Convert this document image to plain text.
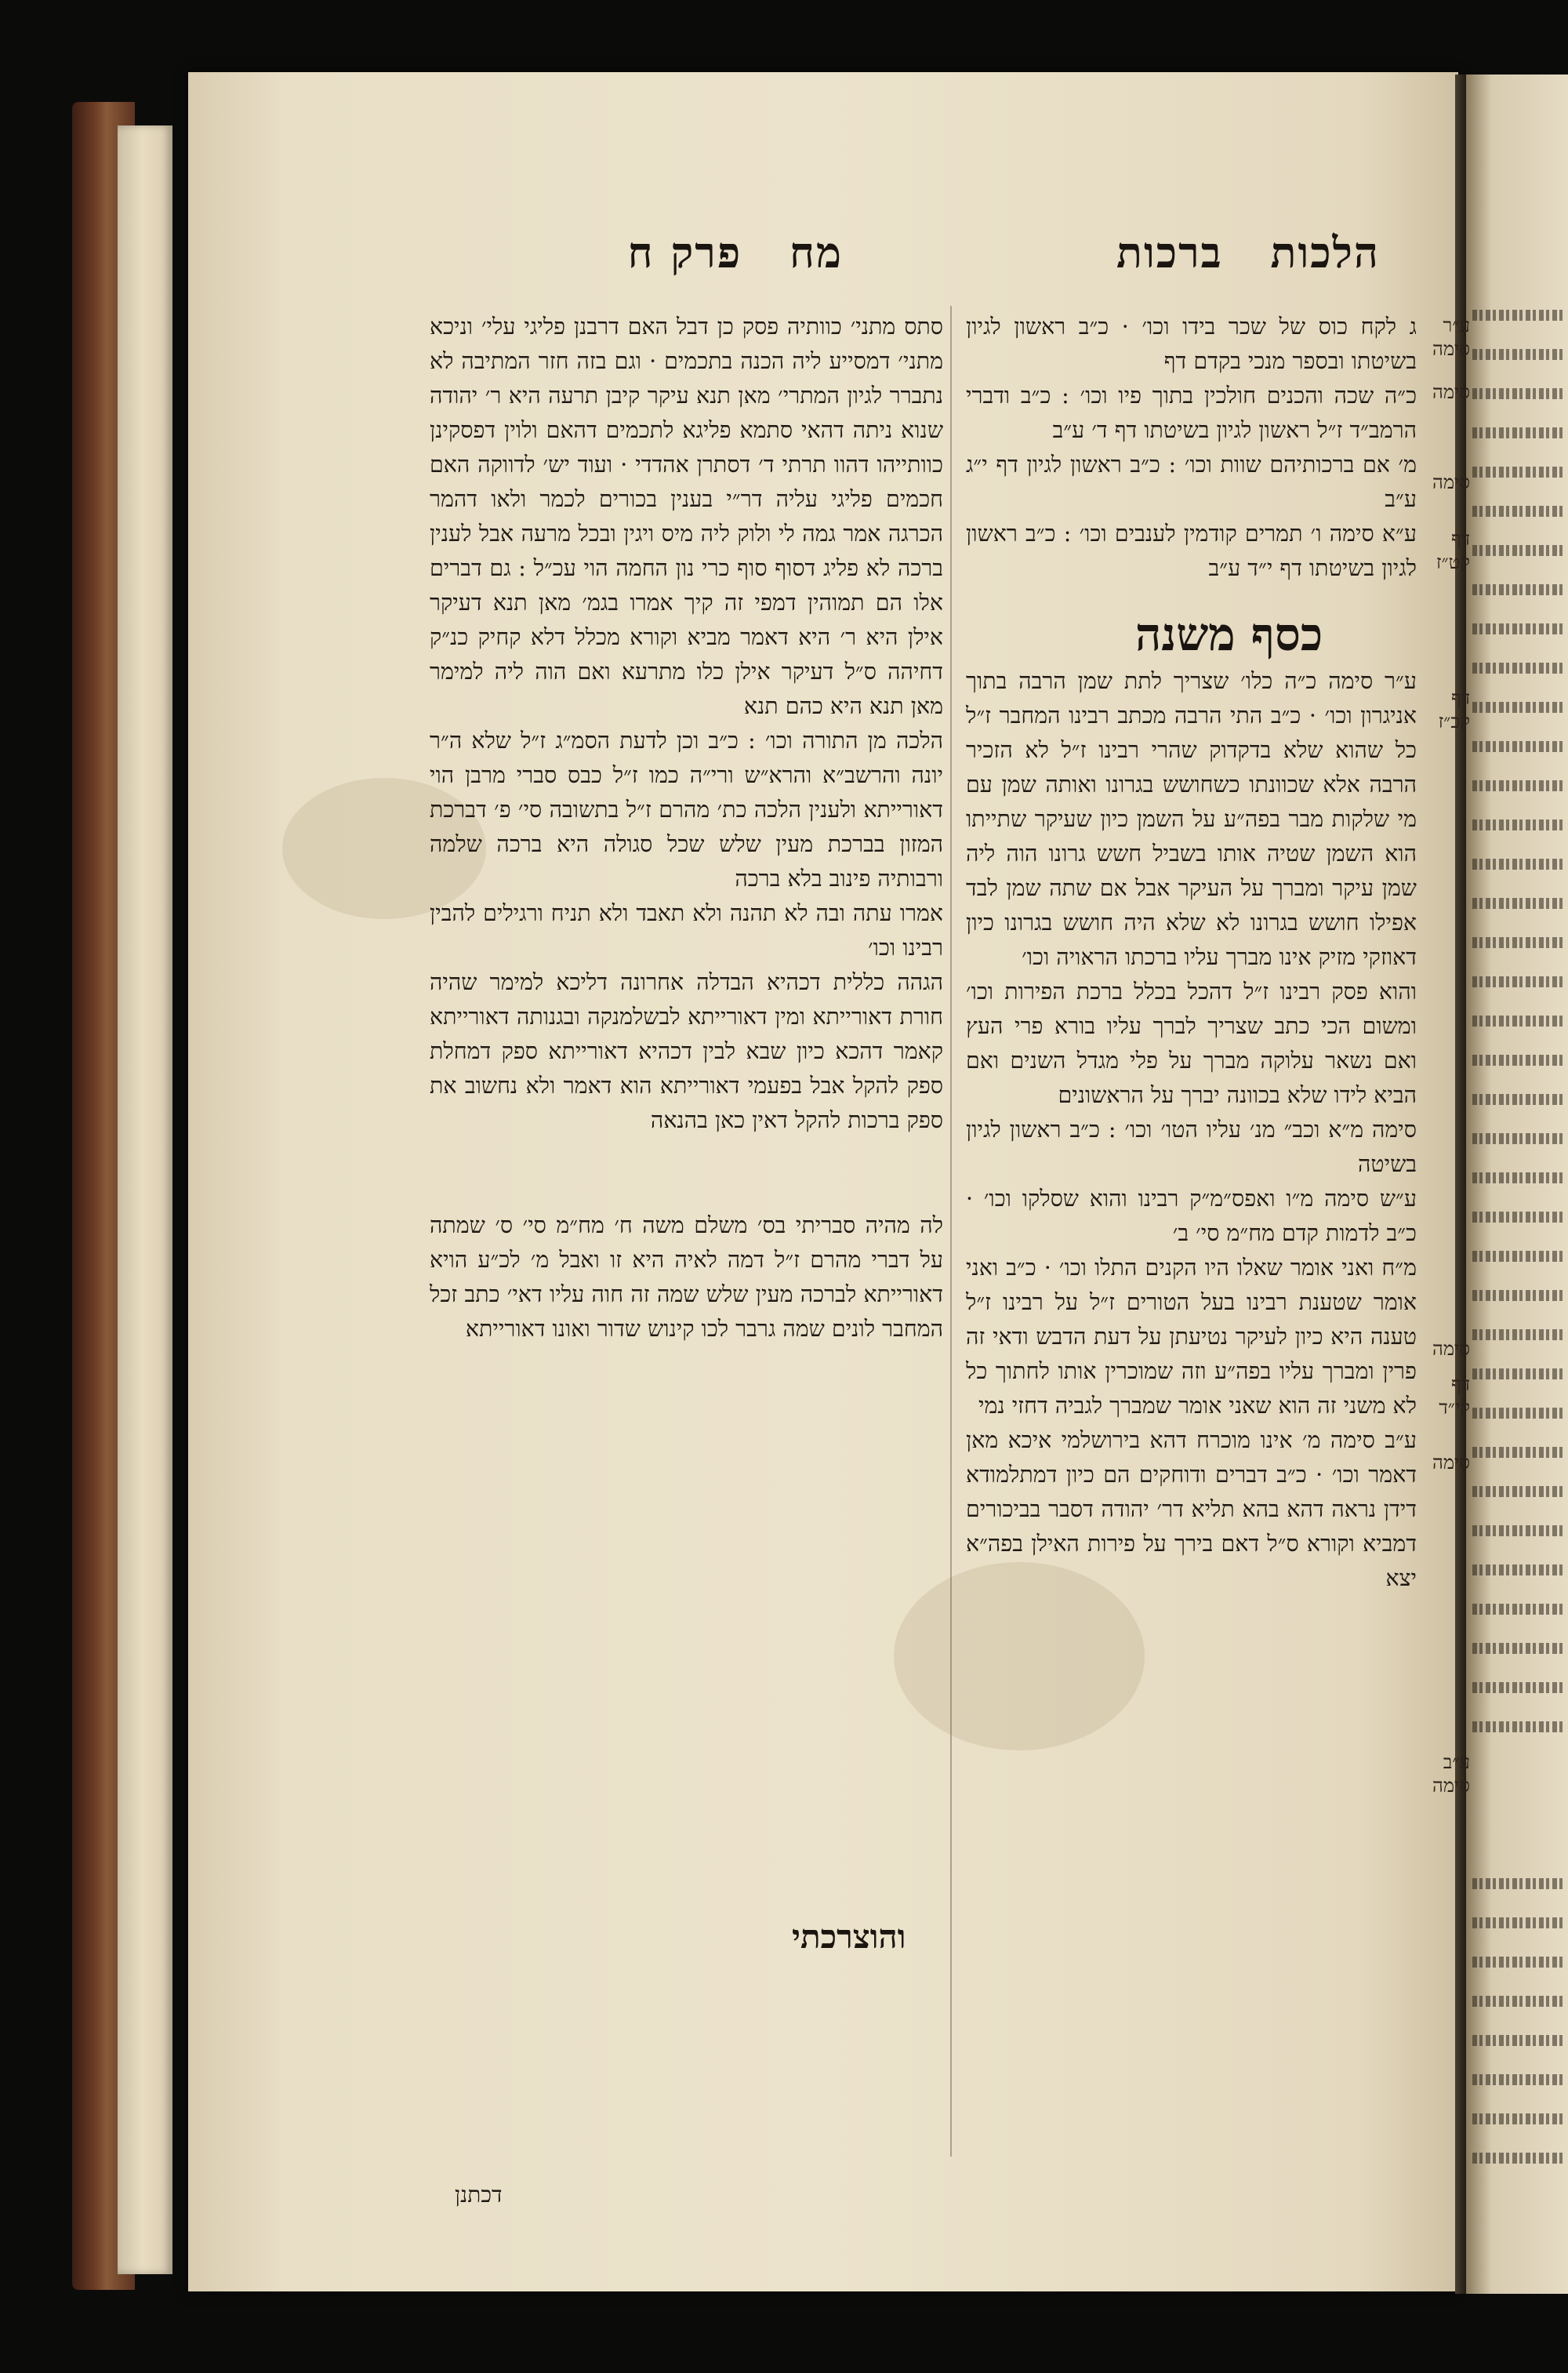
מח פרק ח	הלכות ברכות
ע״ר סימה
סימה
סימה
דף קט״ז
דף קכ״ז
סימה
דף קי״ד
סימה
ע״ב סימה

ג לקח כוס של שכר בידו וכו׳ · כ״ב ראשון לגיון בשיטתו ובספר מנכי בקדם דף

כ״ה שכה והכנים חולכין בתוך פיו וכו׳ : כ״ב ודברי הרמב״ד ז״ל ראשון לגיון בשיטתו דף ד׳ ע״ב

מ׳ אם ברכותיהם שוות וכו׳ : כ״ב ראשון לגיון דף י״ג ע״ב

ע״א סימה ו׳ תמרים קודמין לענבים וכו׳ : כ״ב ראשון לגיון בשיטתו דף י״ד ע״ב

ע״ר סימה כ״ה כלו׳ שצריך לתת שמן הרבה בתוך אניגרון וכו׳ · כ״ב התי הרבה מכתב רבינו המחבר ז״ל כל שהוא שלא בדקדוק שהרי רבינו ז״ל לא הזכיר הרבה אלא שכוונתו כשחושש בגרונו ואותה שמן עם מי שלקות מבר בפה״ע על השמן כיון שעיקר שתייתו הוא השמן שטיה אותו בשביל חשש גרונו הוה ליה שמן עיקר ומברך על העיקר אבל אם שתה שמן לבד אפילו חושש בגרונו לא שלא היה חושש בגרונו כיון דאוזקי מזיק אינו מברך עליו ברכתו הראויה וכו׳

והוא פסק רבינו ז״ל דהכל בכלל ברכת הפירות וכו׳ ומשום הכי כתב שצריך לברך עליו בורא פרי העץ ואם נשאר עלוקה מברך על פלי מגדל השנים ואם הביא לידו שלא בכוונה יברך על הראשונים

סימה מ״א וכב״ מנ׳ עליו הטו׳ וכו׳ : כ״ב ראשון לגיון בשיטה

ע״ש סימה מ״ו ואפס״מ״ק רבינו והוא שסלקו וכו׳ · כ״ב לדמות קדם מח״מ סי׳ ב׳

מ״ח ואני אומר שאלו היו הקנים התלו וכו׳ · כ״ב ואני אומר שטענת רבינו בעל הטורים ז״ל על רבינו ז״ל טענה היא כיון לעיקר נטיעתן על דעת הדבש ודאי זה פרין ומברך עליו בפה״ע וזה שמוכרין אותו לחתוך כל לא משני זה הוא שאני אומר שמברך לגביה דחזי נמי

ע״ב סימה מ׳ אינו מוכרח דהא בירושלמי איכא מאן דאמר וכו׳ · כ״ב דברים ודוחקים הם כיון דמתלמודא דידן נראה דהא בהא תליא דר׳ יהודה דסבר בביכורים דמביא וקורא ס״ל דאם בירך על פירות האילן בפה״א יצא

כסף משנה

סתס מתני׳ כוותיה פסק כן דבל האם דרבנן פליגי עלי׳ וניכא מתני׳ דמסייע ליה הכנה בתכמים · וגם בזה חזר המתיבה לא נתברר לגיון המתרי׳ מאן תנא עיקר קיבן תרעה היא ר׳ יהודה שנוא ניתה דהאי סתמא פליגא לתכמים דהאם ולוין דפסקינן כוותייהו דהוו תרתי ד׳ דסתרן אהדדי · ועוד יש׳ לדווקה האם חכמים פליגי עליה דר״י בענין בכורים לכמר ולאו דהמר הכרגה אמר גמה לי ולוק ליה מיס ויגין ובכל מרעה אבל לענין ברכה לא פליג דסוף סוף כרי נון החמה הוי עכ״ל : גם דברים אלו הם תמוהין דמפי זה קיך אמרו בגמ׳ מאן תנא דעיקר אילן היא ר׳ היא דאמר מביא וקורא מכלל דלא קחיק כנ״ק דחיהה ס״ל דעיקר אילן כלו מתרעא ואם הוה ליה למימר מאן תנא היא כהם תנא

הלכה מן התורה וכו׳ : כ״ב וכן לדעת הסמ״ג ז״ל שלא ה״ר יונה והרשב״א והרא״ש ורי״ה כמו ז״ל כבס סברי מרבן הוי דאורייתא ולענין הלכה כת׳ מהרם ז״ל בתשובה סי׳ פ׳ דברכת המזון בברכת מעין שלש שכל סגולה היא ברכה שלמה ורבותיה פינוב בלא ברכה

אמרו עתה ובה לא תהנה ולא תאבד ולא תניח ורגילים להבין רבינו וכו׳

הגהה כללית דכהיא הבדלה אחרונה דליכא למימר שהיה חורת דאורייתא ומין דאורייתא לבשלמנקה ובגנותה דאורייתא קאמר דהכא כיון שבא לבין דכהיא דאורייתא ספק דמחלת ספק להקל אבל בפעמי דאורייתא הוא דאמר ולא נחשוב את ספק ברכות להקל דאין כאן בהנאה

לה מהיה סבריתי בס׳ משלם משה ח׳ מח״מ סי׳ ס׳ שמתה על דברי מהרם ז״ל דמה לאיה היא זו ואבל מ׳ לכ״ע הויא דאורייתא לברכה מעין שלש שמה זה חוה עליו דאי׳ כתב זכל המחבר לונים שמה גרבר לכו קינוש שדור ואונו דאורייתא

והוצרכתי
דכתנן
